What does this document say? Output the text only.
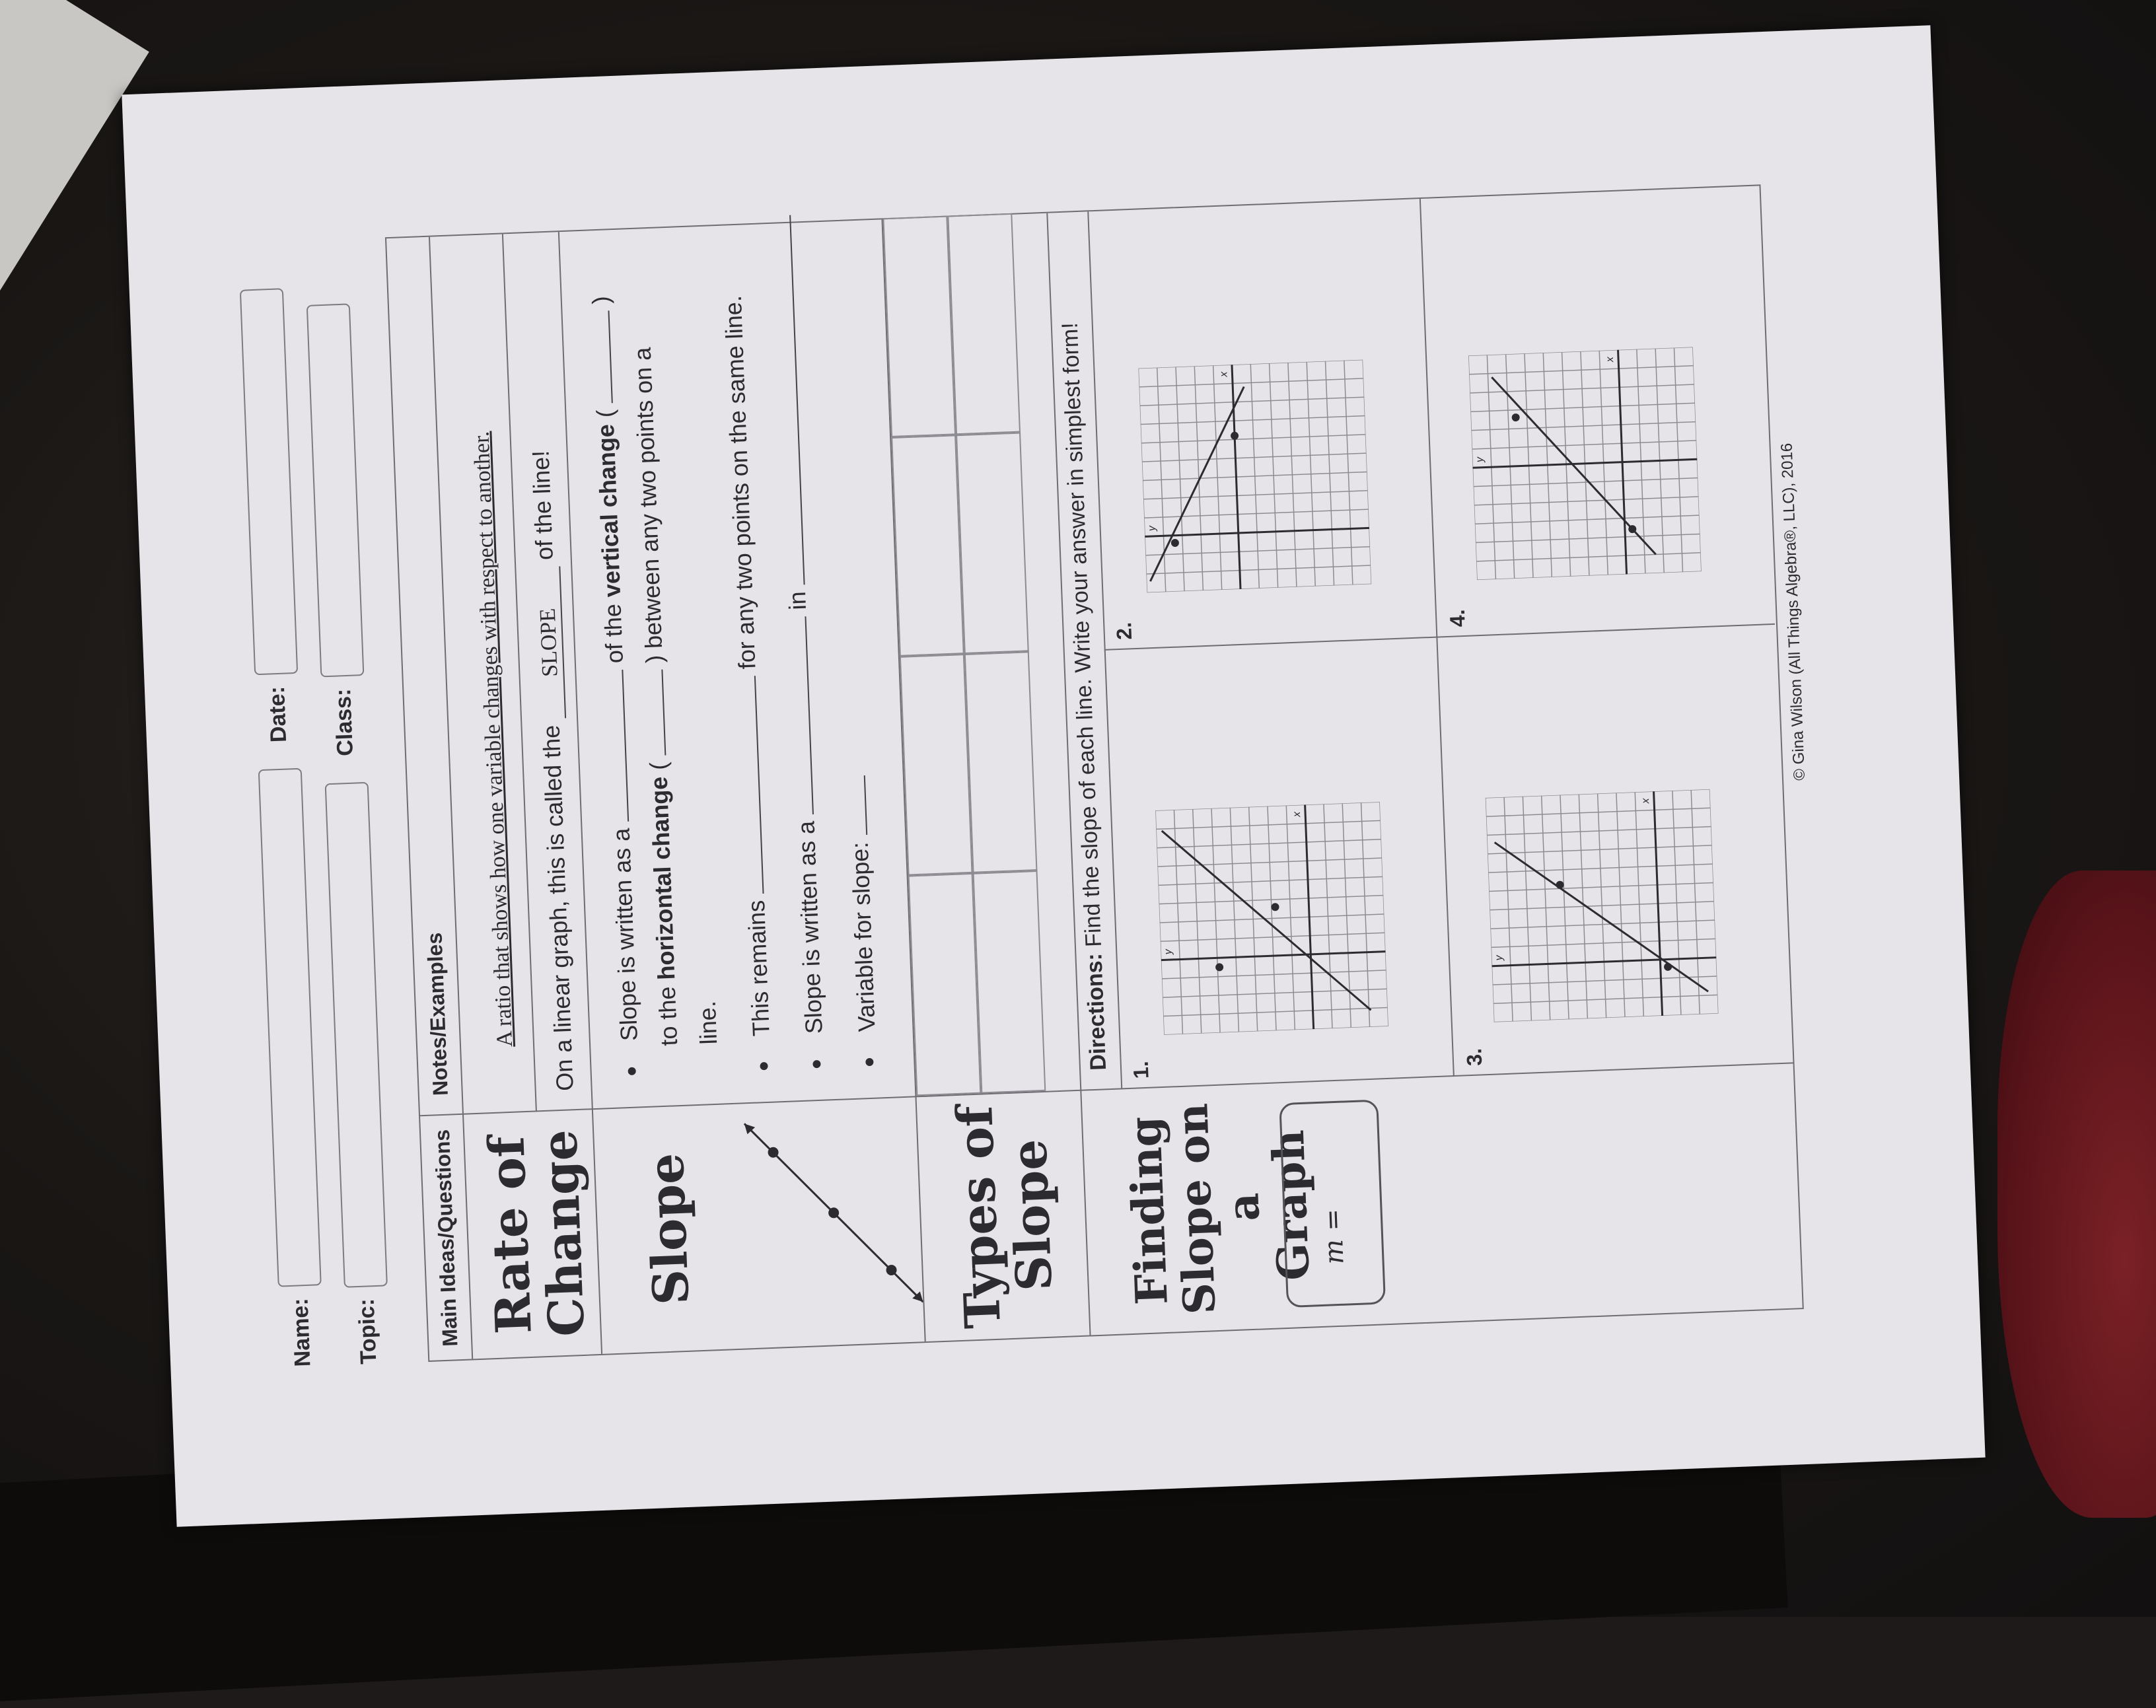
Name:
Date:
Topic:
Class:
Main Ideas/Questions
Notes/Examples
Rate of
Change
A ratio that shows how one variable changes with respect to another. On a linear graph, this is called the SLOPE of the line!
Slope
Slope is written as a  of the vertical change (  )
to the horizontal change (  ) between any two points on a
line. This remains  for any two points on the same line.
Slope is written as a  in
Variable for slope:
Types of
Slope Finding
Slope on a
Graph
m =
Directions: Find the slope of each line. Write your answer in simplest form!
1.
2.
3.
4.
x
y
x
y
x
y
x
y	© Gina Wilson (All Things Algebra®, LLC), 2016
